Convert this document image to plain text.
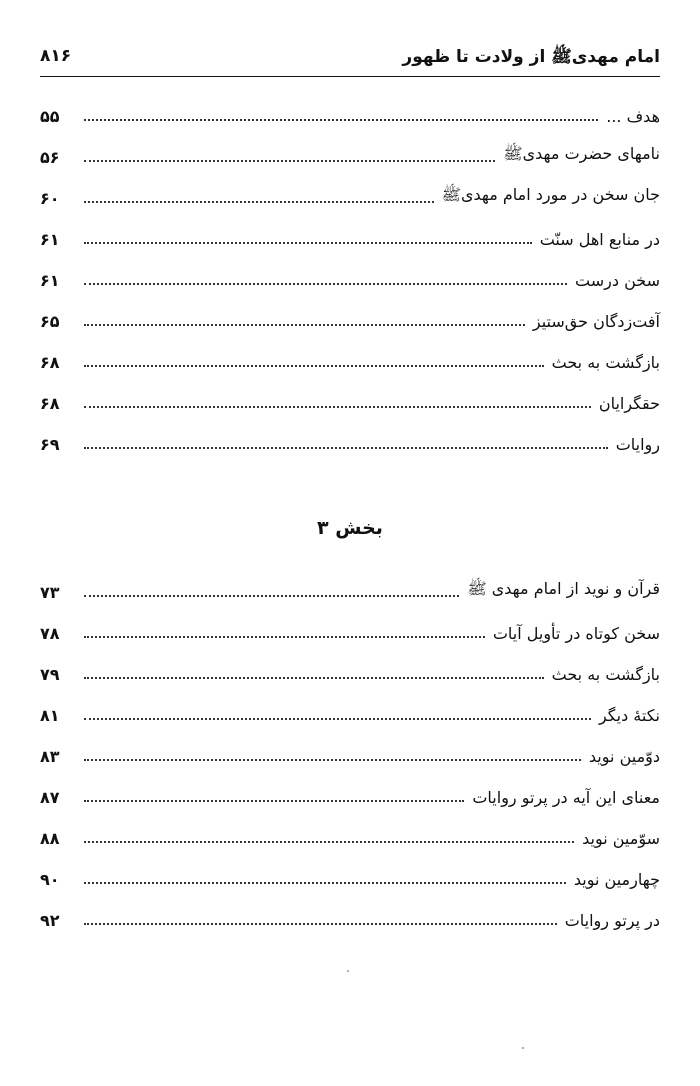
امام مهدیﷺ از ولادت تا ظهور
۸۱۶
هدف ...
۵۵
نامهای حضرت مهدیﷺ
۵۶
جان سخن در مورد امام مهدیﷺ
۶۰
در منابع اهل سنّت
۶۱
سخن درست
۶۱
آفت‌زدگان حق‌ستیز
۶۵
بازگشت به بحث
۶۸
حقگرایان
۶۸
روایات
۶۹
بخش ۳
قرآن و نوید از امام مهدی ﷺ
۷۳
سخن کوتاه در تأویل آیات
۷۸
بازگشت به بحث
۷۹
نکتهٔ دیگر
۸۱
دوّمین نوید
۸۳
معنای این آیه در پرتو روایات
۸۷
سوّمین نوید
۸۸
چهارمین نوید
۹۰
در پرتو روایات
۹۲
